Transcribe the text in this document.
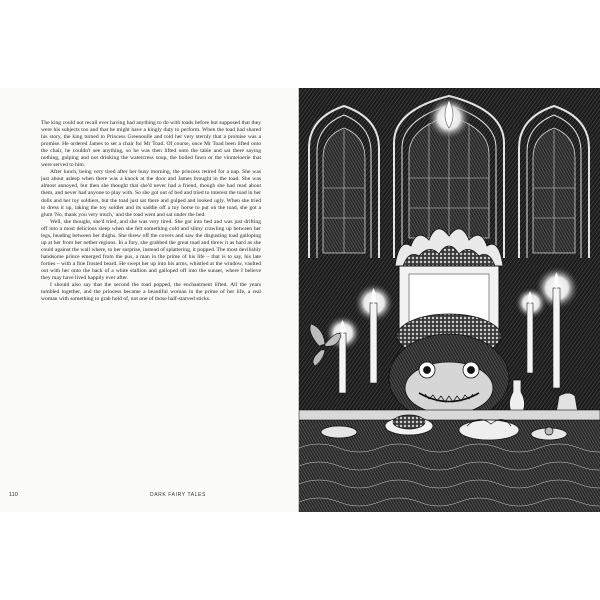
The king could not recall ever having had anything to do with toads before but supposed that they were his subjects too and that he might have a kingly duty to perform. When the toad had shared his story, the king turned to Princess Greenoulle and told her very sternly that a promise was a promise. He ordered James to set a chair for Mr Toad. Of course, once Mr Toad been lifted onto the chair, he couldn't see anything, so he was then lifted onto the table and sat there saying nothing, gulping and not drinking the watercress soup, the boiled fawn or the vinmeloerie that were served to him.

After lunch, being very tired after her busy morning, the princess retired for a nap. She was just about asleep when there was a knock at the door and James brought in the toad. She was almost annoyed, but then she thought that she'd never had a friend, though she had read about them, and never had anyone to play with. So she got out of bed and tried to interest the toad in her dolls and her toy soldiers, but the toad just sat there and gulped and looked ugly. When she tried to dress it up, taking the toy soldier and its saddle off a toy horse to put on the toad, she got a glum 'No, thank you very much,' and the toad went and sat under the bed.

Well, she thought, she'd tried, and she was very tired. She got into bed and was just drifting off into a most delicious sleep when she felt something cold and slimy crawling up between her legs, heading between her thighs. She threw off the covers and saw the disgusting toad galloping up at her from her nether regions. In a fury, she grabbed the great toad and threw it as hard as she could against the wall where, to her surprise, instead of splattering, it popped. The most devilishly handsome prince emerged from the pus, a man in the prime of his life – that is to say, his late forties – with a fine frosted beard. He swept her up into his arms, whistled at the window, vaulted out with her onto the back of a white stallion and galloped off into the sunset, where I believe they may have lived happily ever after.

I should also say that the second the toad popped, the enchantment lifted. All the years tumbled together, and the princess became a beautiful woman in the prime of her life, a real woman with something to grab hold of, not one of those half-starved sticks.

110	DARK FAIRY TALES
